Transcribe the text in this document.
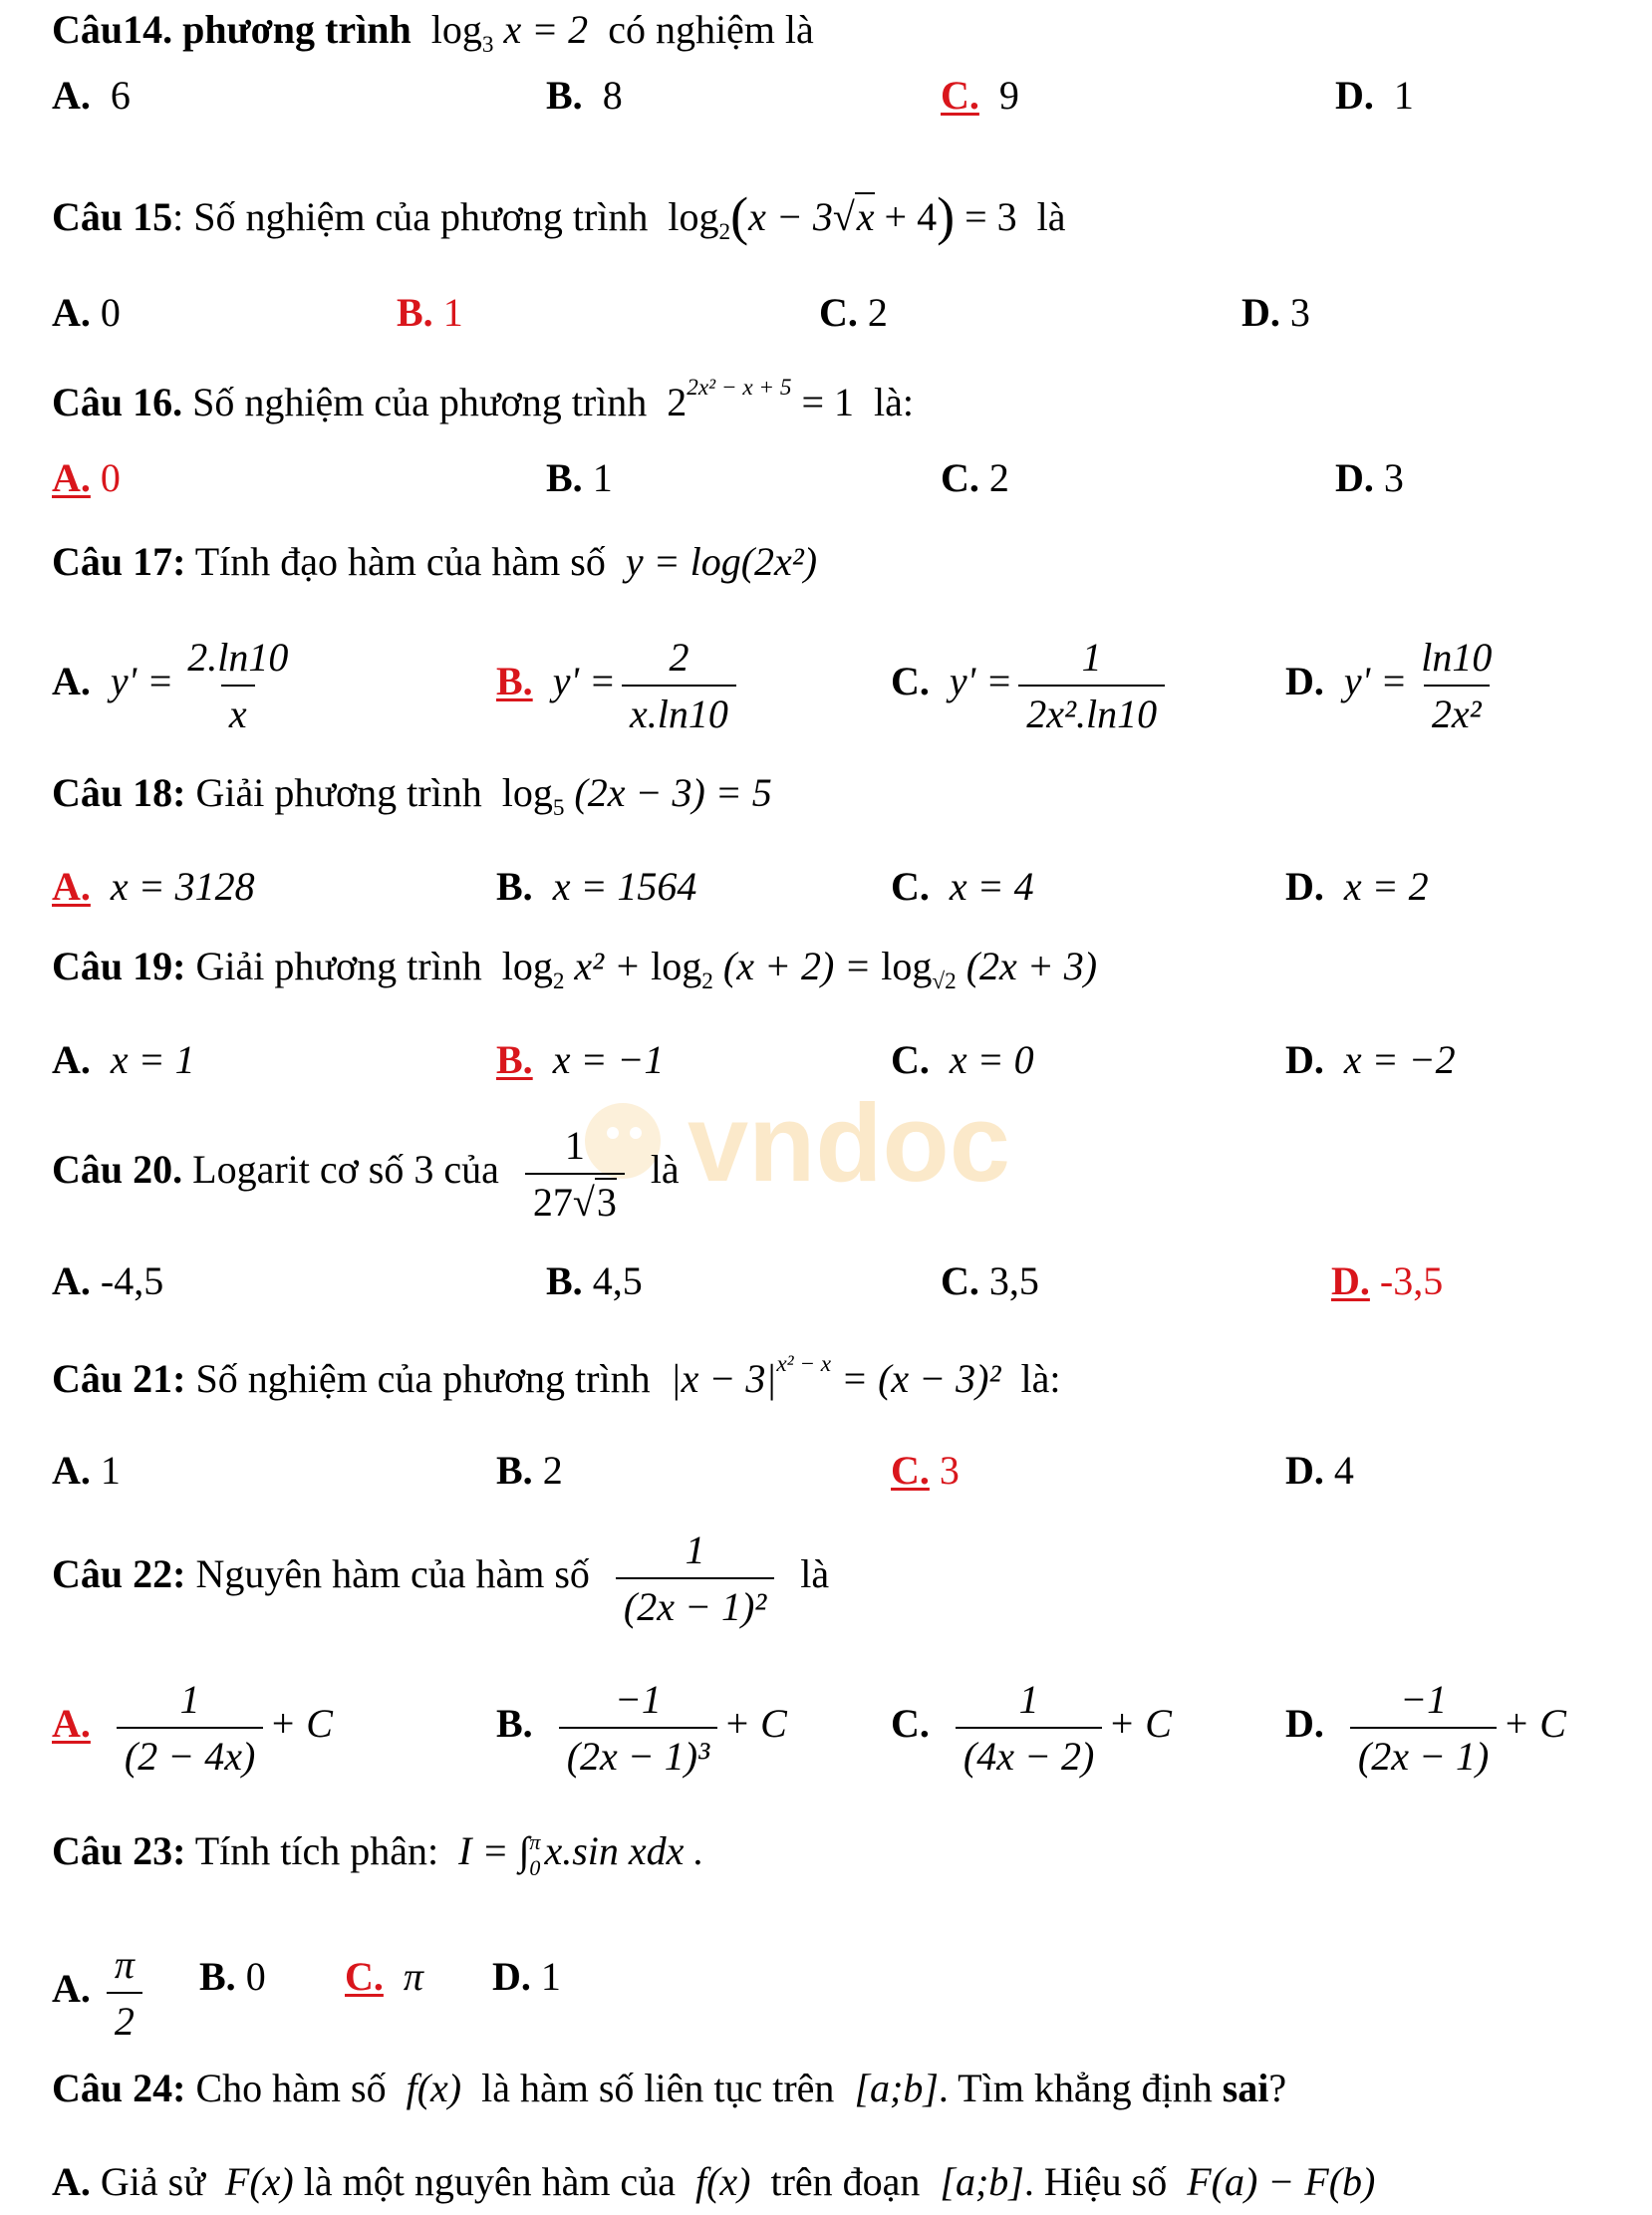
Câu14. phương trình $\log_3 x = 2$ có nghiệm là
A. 6	B. 8	C. 9	D. 1
Câu 15: Số nghiệm của phương trình $\log_2(x - 3√x + 4) = 3$ là
A. 0	B. 1	C. 2	D. 3
Câu 16. Số nghiệm của phương trình $2^{2x^2 - x + 5} = 1$ là:
A. 0	B. 1	C. 2	D. 3
Câu 17: Tính đạo hàm của hàm số y = log(2x²)
A. $y' = \frac{2.\ln 10}{x}$	B. $y' = \frac{2}{x.\ln 10}$	C. $y' = \frac{1}{\text{2x².ln10}}$	D. $y' = \frac{\ln 10}{\text{2x²}}$
Câu 18: Giải phương trình $\log_5 (2x - 3) = 5$
A. x = 3128	B. x = 1564	C. x = 4	D. x = 2
Câu 19: Giải phương trình $\log_2 x^2 + \log_2 (x + 2) = \log_{√2} (2x + 3)$
A. x = 1	B. x = −1	C. x = 0	D. x = −2
vndoc
Câu 20. Logarit cơ số 3 của $\frac{1}{27√3}$ là
A. -4,5	B. 4,5	C. 3,5	D. -3,5
Câu 21: Số nghiệm của phương trình $|x - 3|^{x^2 - x} = (x - 3)^2$ là:
A. 1	B. 2	C. 3	D. 4
Câu 22: Nguyên hàm của hàm số $\frac{1}{\text{(2x − 1)²}}$ là
A. $\frac{1}{(2 - 4x)} + C$	B. $\frac{-1}{\text{(2x − 1)³}} + C$	C. $\frac{1}{(4x - 2)} + C$	D. $\frac{-1}{(2x - 1)} + C$
Câu 23: Tính tích phân: I = ∫ π
0 x.sin xdx .
A. $\frac{\pi}{2} B$. 0 C. π D. 1
Câu 24: Cho hàm số f(x) là hàm số liên tục trên [a;b]. Tìm khẳng định sai?
A. Giả sử F(x) là một nguyên hàm của f(x) trên đoạn [a;b]. Hiệu số F(a) − F(b)
